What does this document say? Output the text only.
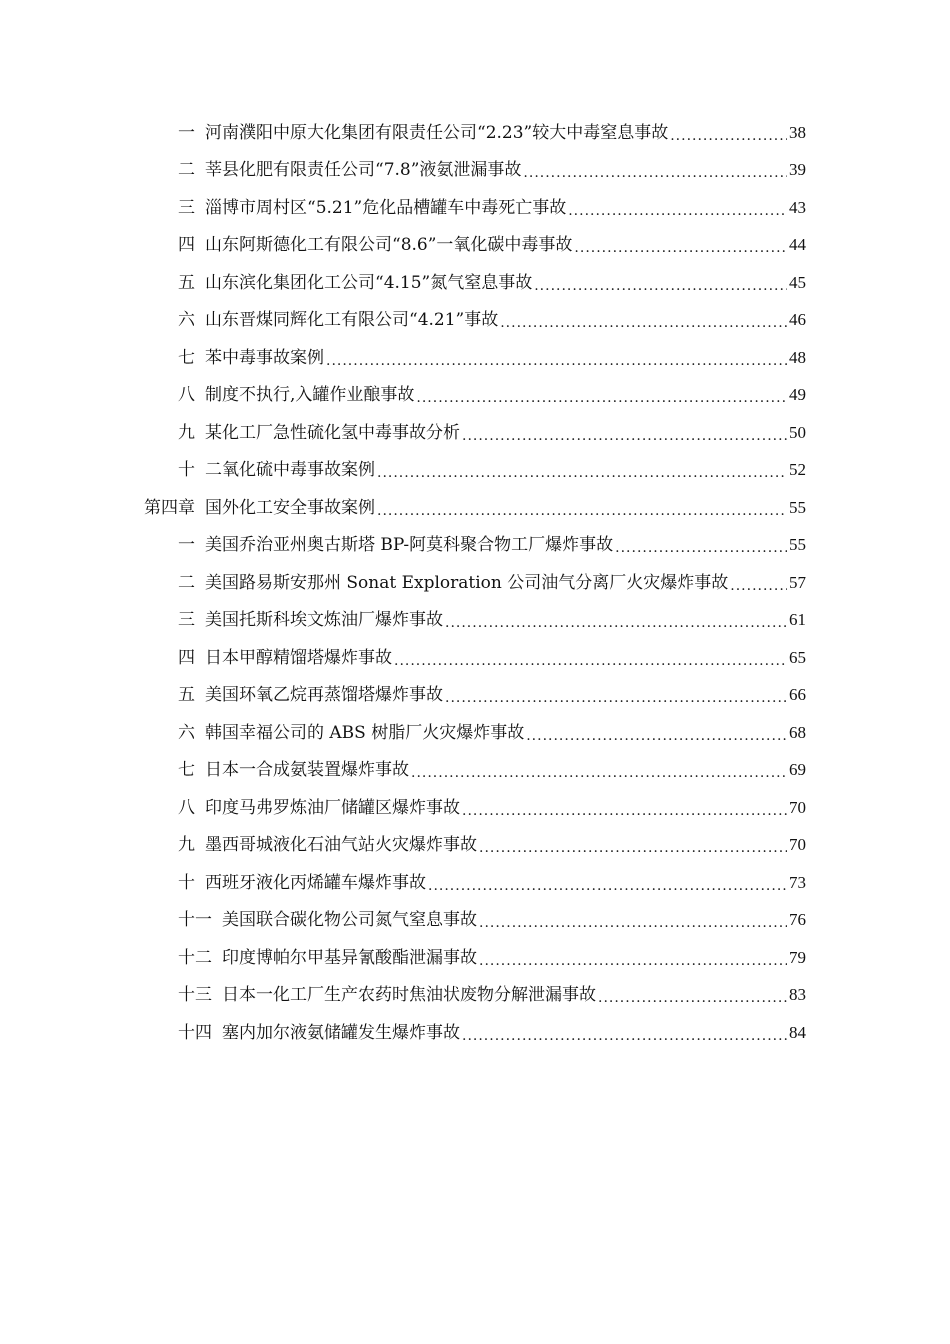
一 河南濮阳中原大化集团有限责任公司“2.23”较大中毒窒息事故 .....	38
二 莘县化肥有限责任公司“7.8”液氨泄漏事故 .....	39
三 淄博市周村区“5.21”危化品槽罐车中毒死亡事故 .....	43
四 山东阿斯德化工有限公司“8.6”一氧化碳中毒事故 .....	44
五 山东滨化集团化工公司“4.15”氮气窒息事故 .....	45
六 山东晋煤同辉化工有限公司“4.21”事故 .....	46
七 苯中毒事故案例 .....	48
八 制度不执行,入罐作业酿事故 .....	49
九 某化工厂急性硫化氢中毒事故分析 .....	50
十 二氧化硫中毒事故案例 .....	52
第四章 国外化工安全事故案例 .....	55
一 美国乔治亚州奥古斯塔 BP-阿莫科聚合物工厂爆炸事故 .....	55
二 美国路易斯安那州 Sonat Exploration 公司油气分离厂火灾爆炸事故 .....	57
三 美国托斯科埃文炼油厂爆炸事故 .....	61
四 日本甲醇精馏塔爆炸事故 .....	65
五 美国环氧乙烷再蒸馏塔爆炸事故 .....	66
六 韩国幸福公司的 ABS 树脂厂火灾爆炸事故 .....	68
七 日本一合成氨装置爆炸事故 .....	69
八 印度马弗罗炼油厂储罐区爆炸事故 .....	70
九 墨西哥城液化石油气站火灾爆炸事故 .....	70
十 西班牙液化丙烯罐车爆炸事故 .....	73
十一 美国联合碳化物公司氮气窒息事故 .....	76
十二 印度博帕尔甲基异氰酸酯泄漏事故 .....	79
十三 日本一化工厂生产农药时焦油状废物分解泄漏事故 .....	83
十四 塞内加尔液氨储罐发生爆炸事故 .....	84
